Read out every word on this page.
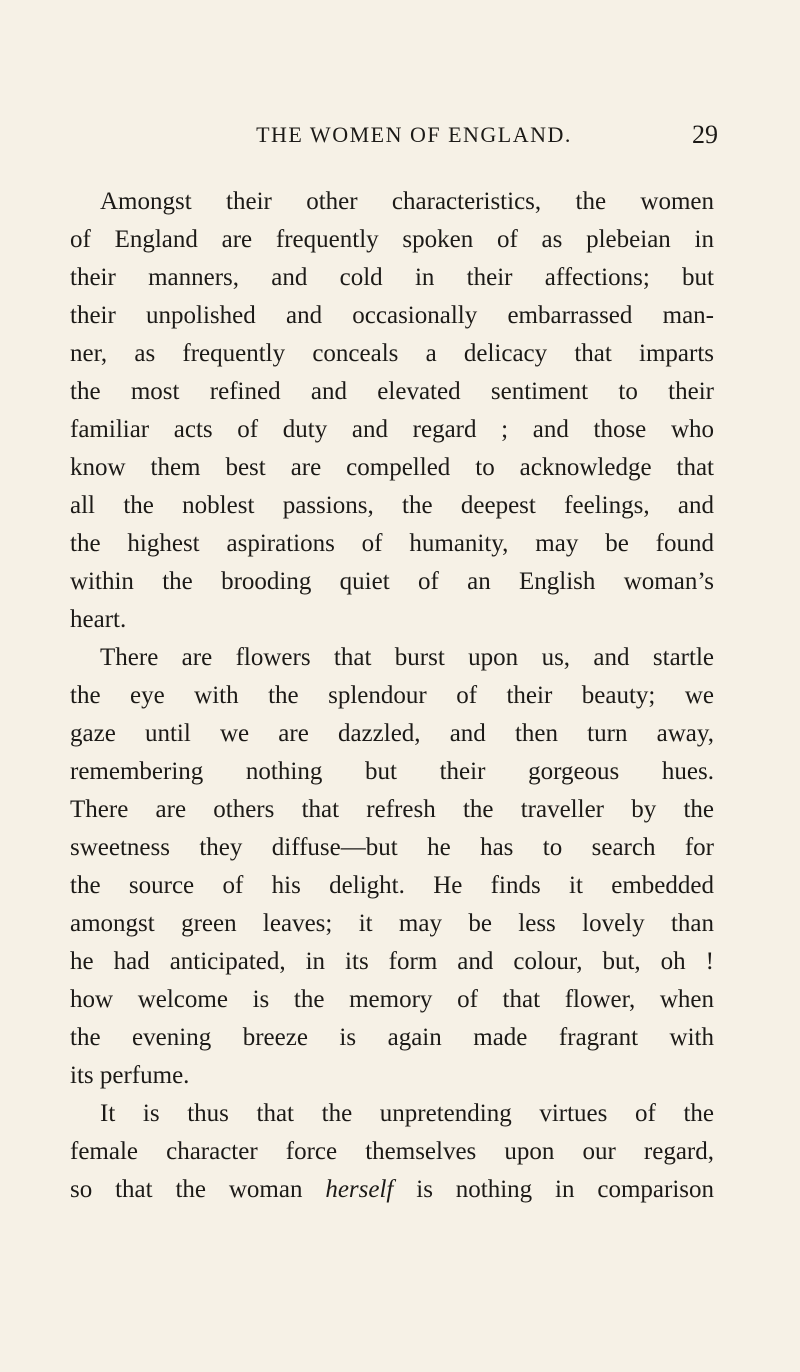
THE WOMEN OF ENGLAND.	29
Amongst their other characteristics, the women
of England are frequently spoken of as plebeian in
their manners, and cold in their affections; but
their unpolished and occasionally embarrassed man-
ner, as frequently conceals a delicacy that imparts
the most refined and elevated sentiment to their
familiar acts of duty and regard ; and those who
know them best are compelled to acknowledge that
all the noblest passions, the deepest feelings, and
the highest aspirations of humanity, may be found
within the brooding quiet of an English woman’s
heart.
There are flowers that burst upon us, and startle
the eye with the splendour of their beauty; we
gaze until we are dazzled, and then turn away,
remembering nothing but their gorgeous hues.
There are others that refresh the traveller by the
sweetness they diffuse—but he has to search for
the source of his delight. He finds it embedded
amongst green leaves; it may be less lovely than
he had anticipated, in its form and colour, but, oh !
how welcome is the memory of that flower, when
the evening breeze is again made fragrant with
its perfume.
It is thus that the unpretending virtues of the
female character force themselves upon our regard,
so that the woman herself is nothing in comparison
